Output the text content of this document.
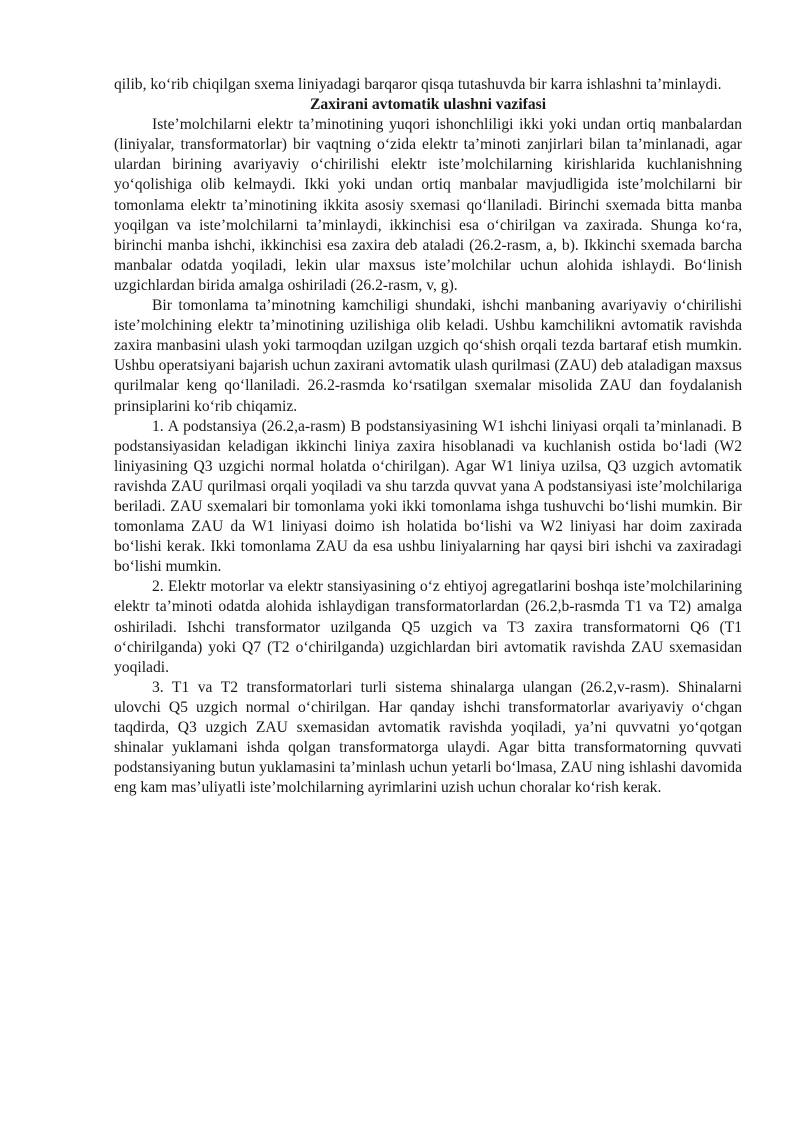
qilib, ko‘rib chiqilgan sxema liniyadagi barqaror qisqa tutashuvda bir karra ishlashni ta’minlaydi.

Zaxirani avtomatik ulashni vazifasi

Iste’molchilarni elektr ta’minotining yuqori ishonchliligi ikki yoki undan ortiq manbalardan (liniyalar, transformatorlar) bir vaqtning o‘zida elektr ta’minoti zanjirlari bilan ta’minlanadi, agar ulardan birining avariyaviy o‘chirilishi elektr iste’molchilarning kirishlarida kuchlanishning yo‘qolishiga olib kelmaydi. Ikki yoki undan ortiq manbalar mavjudligida iste’molchilarni bir tomonlama elektr ta’minotining ikkita asosiy sxemasi qo‘llaniladi. Birinchi sxemada bitta manba yoqilgan va iste’molchilarni ta’minlaydi, ikkinchisi esa o‘chirilgan va zaxirada. Shunga ko‘ra, birinchi manba ishchi, ikkinchisi esa zaxira deb ataladi (26.2-rasm, a, b). Ikkinchi sxemada barcha manbalar odatda yoqiladi, lekin ular maxsus iste’molchilar uchun alohida ishlaydi. Bo‘linish uzgichlardan birida amalga oshiriladi (26.2-rasm, v, g).

Bir tomonlama ta’minotning kamchiligi shundaki, ishchi manbaning avariyaviy o‘chirilishi iste’molchining elektr ta’minotining uzilishiga olib keladi. Ushbu kamchilikni avtomatik ravishda zaxira manbasini ulash yoki tarmoqdan uzilgan uzgich qo‘shish orqali tezda bartaraf etish mumkin. Ushbu operatsiyani bajarish uchun zaxirani avtomatik ulash qurilmasi (ZAU) deb ataladigan maxsus qurilmalar keng qo‘llaniladi. 26.2-rasmda ko‘rsatilgan sxemalar misolida ZAU dan foydalanish prinsiplarini ko‘rib chiqamiz.

1. A podstansiya (26.2,a-rasm) B podstansiyasining W1 ishchi liniyasi orqali ta’minlanadi. B podstansiyasidan keladigan ikkinchi liniya zaxira hisoblanadi va kuchlanish ostida bo‘ladi (W2 liniyasining Q3 uzgichi normal holatda o‘chirilgan). Agar W1 liniya uzilsa, Q3 uzgich avtomatik ravishda ZAU qurilmasi orqali yoqiladi va shu tarzda quvvat yana A podstansiyasi iste’molchilariga beriladi. ZAU sxemalari bir tomonlama yoki ikki tomonlama ishga tushuvchi bo‘lishi mumkin. Bir tomonlama ZAU da W1 liniyasi doimo ish holatida bo‘lishi va W2 liniyasi har doim zaxirada bo‘lishi kerak. Ikki tomonlama ZAU da esa ushbu liniyalarning har qaysi biri ishchi va zaxiradagi bo‘lishi mumkin.

2. Elektr motorlar va elektr stansiyasining o‘z ehtiyoj agregatlarini boshqa iste’molchilarining elektr ta’minoti odatda alohida ishlaydigan transformatorlardan (26.2,b-rasmda T1 va T2) amalga oshiriladi. Ishchi transformator uzilganda Q5 uzgich va T3 zaxira transformatorni Q6 (T1 o‘chirilganda) yoki Q7 (T2 o‘chirilganda) uzgichlardan biri avtomatik ravishda ZAU sxemasidan yoqiladi.

3. T1 va T2 transformatorlari turli sistema shinalarga ulangan (26.2,v-rasm). Shinalarni ulovchi Q5 uzgich normal o‘chirilgan. Har qanday ishchi transformatorlar avariyaviy o‘chgan taqdirda, Q3 uzgich ZAU sxemasidan avtomatik ravishda yoqiladi, ya’ni quvvatni yo‘qotgan shinalar yuklamani ishda qolgan transformatorga ulaydi. Agar bitta transformatorning quvvati podstansiyaning butun yuklamasini ta’minlash uchun yetarli bo‘lmasa, ZAU ning ishlashi davomida eng kam mas’uliyatli iste’molchilarning ayrimlarini uzish uchun choralar ko‘rish kerak.
